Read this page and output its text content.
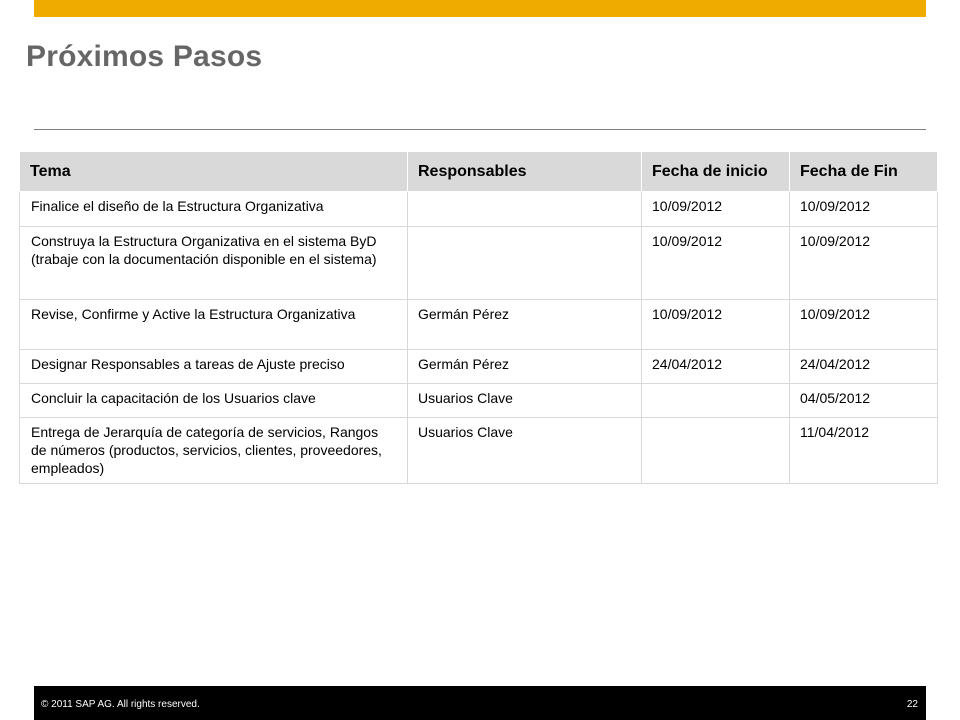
Próximos Pasos
Tema	Responsables	Fecha de inicio	Fecha de Fin
Finalice el diseño de la Estructura Organizativa		10/09/2012	10/09/2012
Construya la Estructura Organizativa en el sistema ByD (trabaje con la documentación disponible en el sistema)		10/09/2012	10/09/2012
Revise, Confirme y Active la Estructura Organizativa	Germán Pérez	10/09/2012	10/09/2012
Designar Responsables a tareas de Ajuste preciso	Germán Pérez	24/04/2012	24/04/2012
Concluir la capacitación de los Usuarios clave	Usuarios Clave		04/05/2012
Entrega de Jerarquía de categoría de servicios, Rangos de números (productos, servicios, clientes, proveedores, empleados)	Usuarios Clave		11/04/2012
© 2011 SAP AG. All rights reserved.	22
